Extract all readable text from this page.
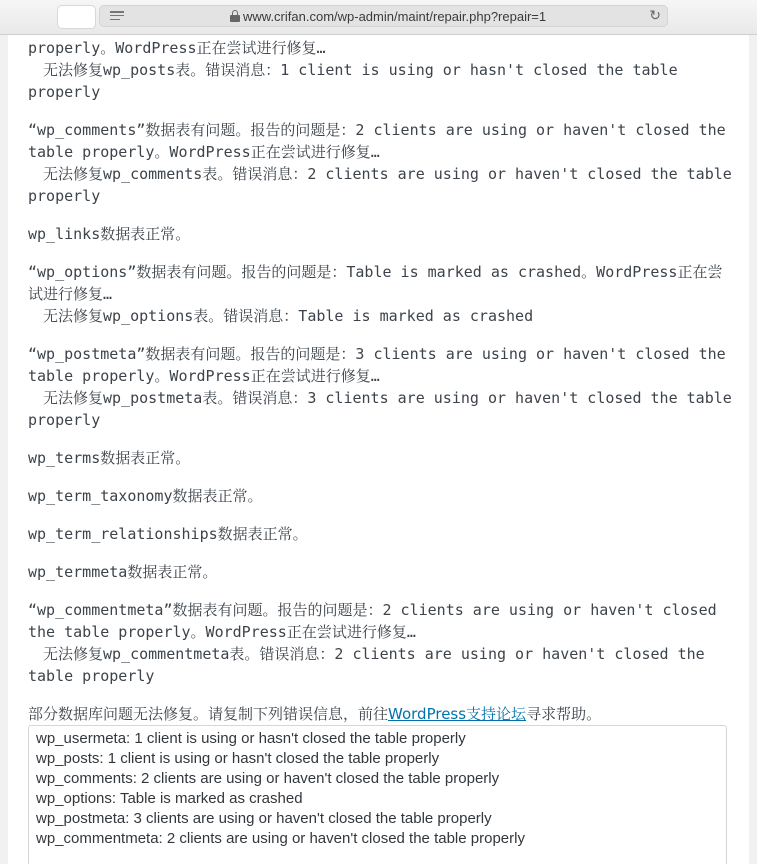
www.crifan.com/wp-admin/maint/repair.php?repair=1	↻

properly。WordPress正在尝试进行修复…
无法修复wp_posts表。错误消息：1 client is using or hasn't closed the table properly

“wp_comments”数据表有问题。报告的问题是：2 clients are using or haven't closed the table properly。WordPress正在尝试进行修复…
无法修复wp_comments表。错误消息：2 clients are using or haven't closed the table properly

wp_links数据表正常。

“wp_options”数据表有问题。报告的问题是：Table is marked as crashed。WordPress正在尝试进行修复…
无法修复wp_options表。错误消息：Table is marked as crashed

“wp_postmeta”数据表有问题。报告的问题是：3 clients are using or haven't closed the table properly。WordPress正在尝试进行修复…
无法修复wp_postmeta表。错误消息：3 clients are using or haven't closed the table properly

wp_terms数据表正常。

wp_term_taxonomy数据表正常。

wp_term_relationships数据表正常。

wp_termmeta数据表正常。

“wp_commentmeta”数据表有问题。报告的问题是：2 clients are using or haven't closed the table properly。WordPress正在尝试进行修复…
无法修复wp_commentmeta表。错误消息：2 clients are using or haven't closed the table properly

部分数据库问题无法修复。请复制下列错误信息，前往WordPress支持论坛寻求帮助。

wp_usermeta: 1 client is using or hasn't closed the table properly
wp_posts: 1 client is using or hasn't closed the table properly
wp_comments: 2 clients are using or haven't closed the table properly
wp_options: Table is marked as crashed
wp_postmeta: 3 clients are using or haven't closed the table properly
wp_commentmeta: 2 clients are using or haven't closed the table properly
